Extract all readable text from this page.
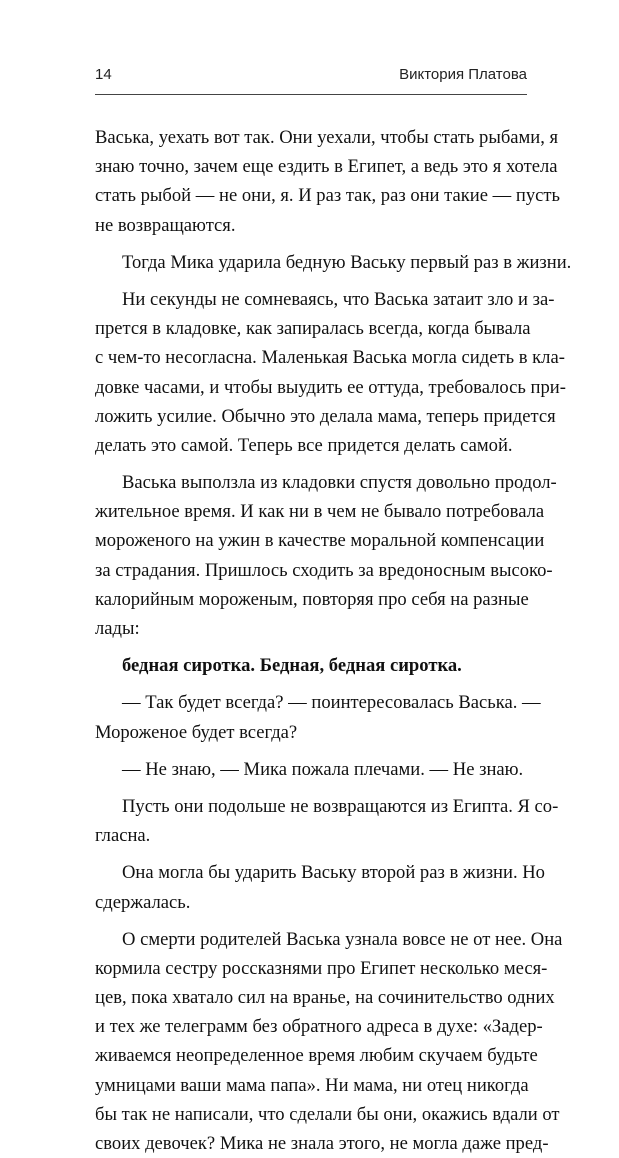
14	Виктория Платова
Васька, уехать вот так. Они уехали, чтобы стать рыбами, я
знаю точно, зачем еще ездить в Египет, а ведь это я хотела
стать рыбой — не они, я. И раз так, раз они такие — пусть
не возвращаются.
Тогда Мика ударила бедную Ваську первый раз в жизни.
Ни секунды не сомневаясь, что Васька затаит зло и за-
прется в кладовке, как запиралась всегда, когда бывала
с чем-то несогласна. Маленькая Васька могла сидеть в кла-
довке часами, и чтобы выудить ее оттуда, требовалось при-
ложить усилие. Обычно это делала мама, теперь придется
делать это самой. Теперь все придется делать самой.
Васька выползла из кладовки спустя довольно продол-
жительное время. И как ни в чем не бывало потребовала
мороженого на ужин в качестве моральной компенсации
за страдания. Пришлось сходить за вредоносным высоко-
калорийным мороженым, повторяя про себя на разные
лады:
бедная сиротка. Бедная, бедная сиротка.
— Так будет всегда? — поинтересовалась Васька. —
Мороженое будет всегда?
— Не знаю, — Мика пожала плечами. — Не знаю.
Пусть они подольше не возвращаются из Египта. Я со-
гласна.
Она могла бы ударить Ваську второй раз в жизни. Но
сдержалась.
О смерти родителей Васька узнала вовсе не от нее. Она
кормила сестру россказнями про Египет несколько меся-
цев, пока хватало сил на вранье, на сочинительство одних
и тех же телеграмм без обратного адреса в духе: «Задер-
живаемся неопределенное время любим скучаем будьте
умницами ваши мама папа». Ни мама, ни отец никогда
бы так не написали, что сделали бы они, окажись вдали от
своих девочек? Мика не знала этого, не могла даже пред-
